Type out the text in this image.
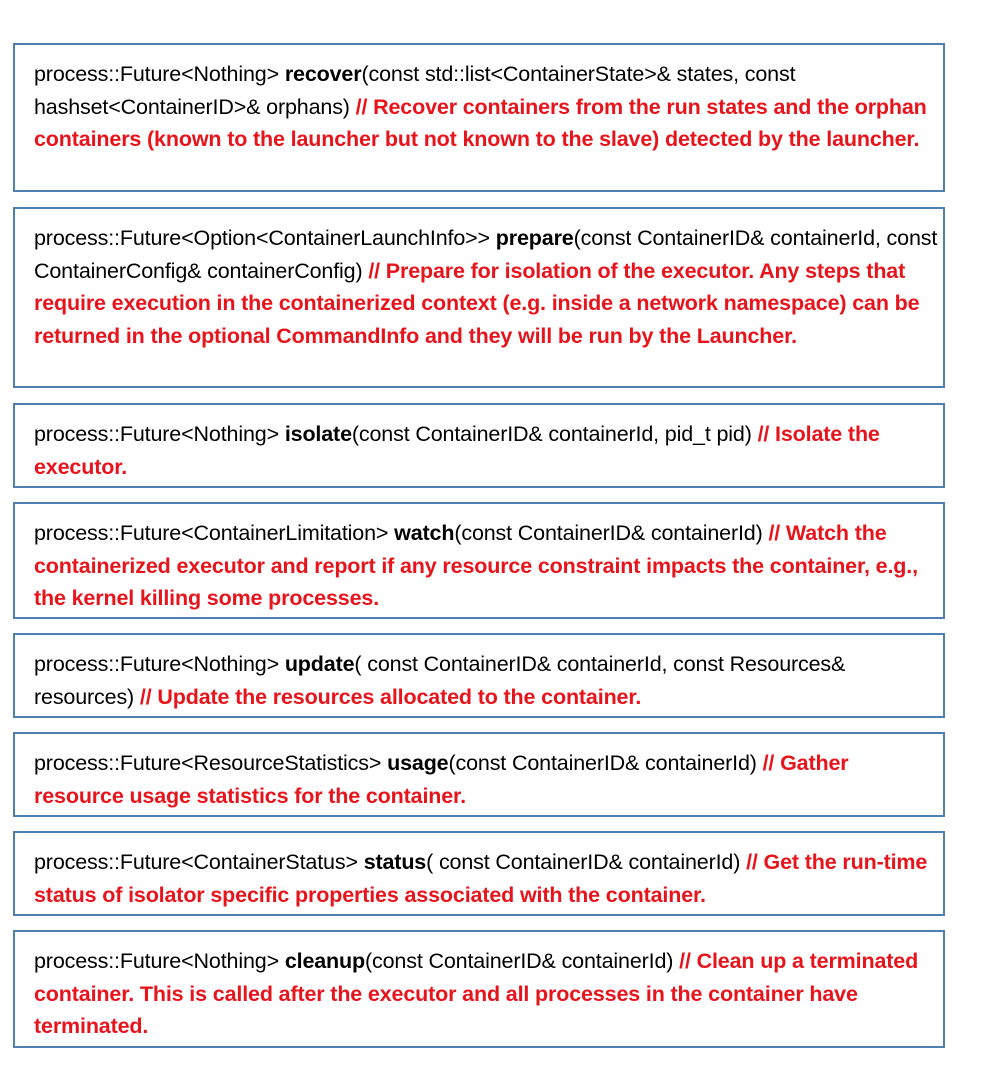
process::Future<Nothing> recover(const std::list<ContainerState>& states, const hashset<ContainerID>& orphans) // Recover containers from the run states and the orphan containers (known to the launcher but not known to the slave) detected by the launcher.
process::Future<Option<ContainerLaunchInfo>> prepare(const ContainerID& containerId, const ContainerConfig& containerConfig) // Prepare for isolation of the executor. Any steps that require execution in the containerized context (e.g. inside a network namespace) can be returned in the optional CommandInfo and they will be run by the Launcher.
process::Future<Nothing> isolate(const ContainerID& containerId, pid_t pid) // Isolate the executor.
process::Future<ContainerLimitation> watch(const ContainerID& containerId) // Watch the containerized executor and report if any resource constraint impacts the container, e.g., the kernel killing some processes.
process::Future<Nothing> update( const ContainerID& containerId, const Resources& resources) // Update the resources allocated to the container.
process::Future<ResourceStatistics> usage(const ContainerID& containerId) // Gather resource usage statistics for the container.
process::Future<ContainerStatus> status( const ContainerID& containerId) // Get the run-time status of isolator specific properties associated with the container.
process::Future<Nothing> cleanup(const ContainerID& containerId) // Clean up a terminated container. This is called after the executor and all processes in the container have terminated.
